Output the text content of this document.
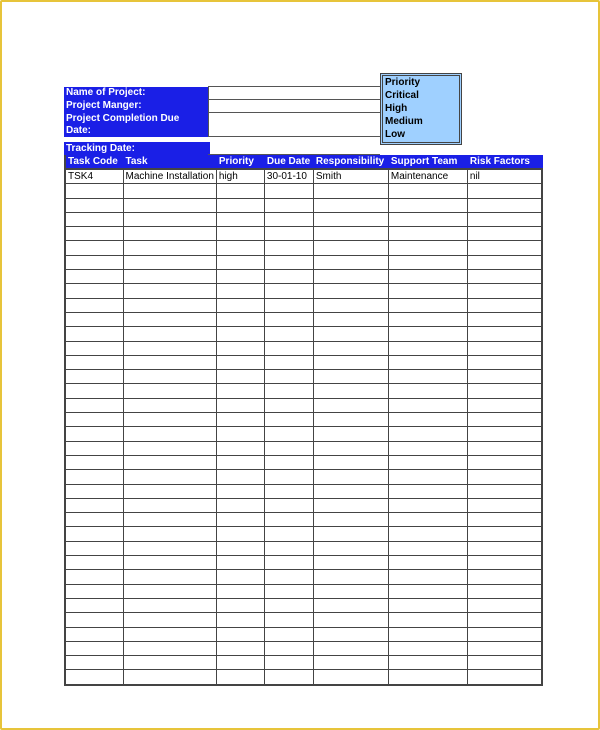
Name of Project:	
Project Manger:	
Project Completion Due Date:	
Priority
Critical
High
Medium
Low
Tracking Date:
Task Code	Task	Priority	Due Date	Responsibility	Support Team	Risk Factors
TSK4	Machine Installation	high	30-01-10	Smith	Maintenance	nil
